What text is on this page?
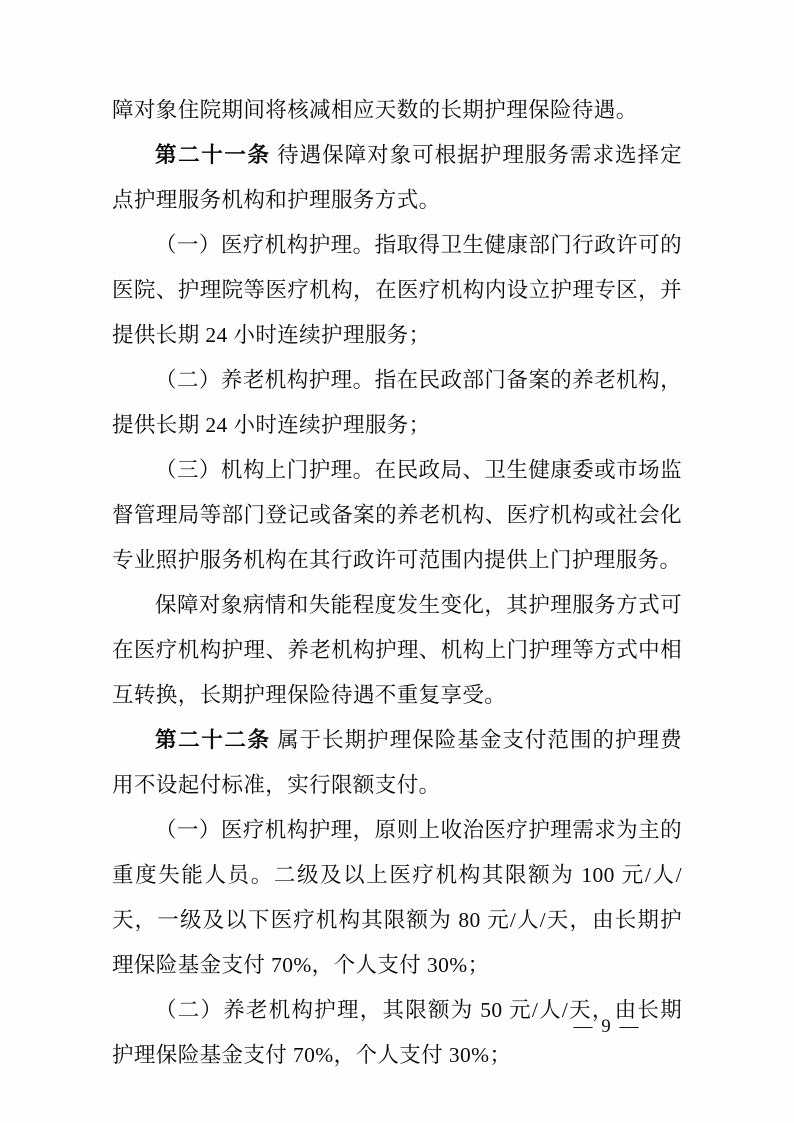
障对象住院期间将核减相应天数的长期护理保险待遇。

第二十一条 待遇保障对象可根据护理服务需求选择定点护理服务机构和护理服务方式。

（一）医疗机构护理。指取得卫生健康部门行政许可的医院、护理院等医疗机构，在医疗机构内设立护理专区，并提供长期 24 小时连续护理服务；

（二）养老机构护理。指在民政部门备案的养老机构，提供长期 24 小时连续护理服务；

（三）机构上门护理。在民政局、卫生健康委或市场监督管理局等部门登记或备案的养老机构、医疗机构或社会化专业照护服务机构在其行政许可范围内提供上门护理服务。

保障对象病情和失能程度发生变化，其护理服务方式可在医疗机构护理、养老机构护理、机构上门护理等方式中相互转换，长期护理保险待遇不重复享受。

第二十二条 属于长期护理保险基金支付范围的护理费用不设起付标准，实行限额支付。

（一）医疗机构护理，原则上收治医疗护理需求为主的重度失能人员。二级及以上医疗机构其限额为 100 元/人/天，一级及以下医疗机构其限额为 80 元/人/天，由长期护理保险基金支付 70%，个人支付 30%；

（二）养老机构护理，其限额为 50 元/人/天，由长期护理保险基金支付 70%，个人支付 30%；

— 9 —
